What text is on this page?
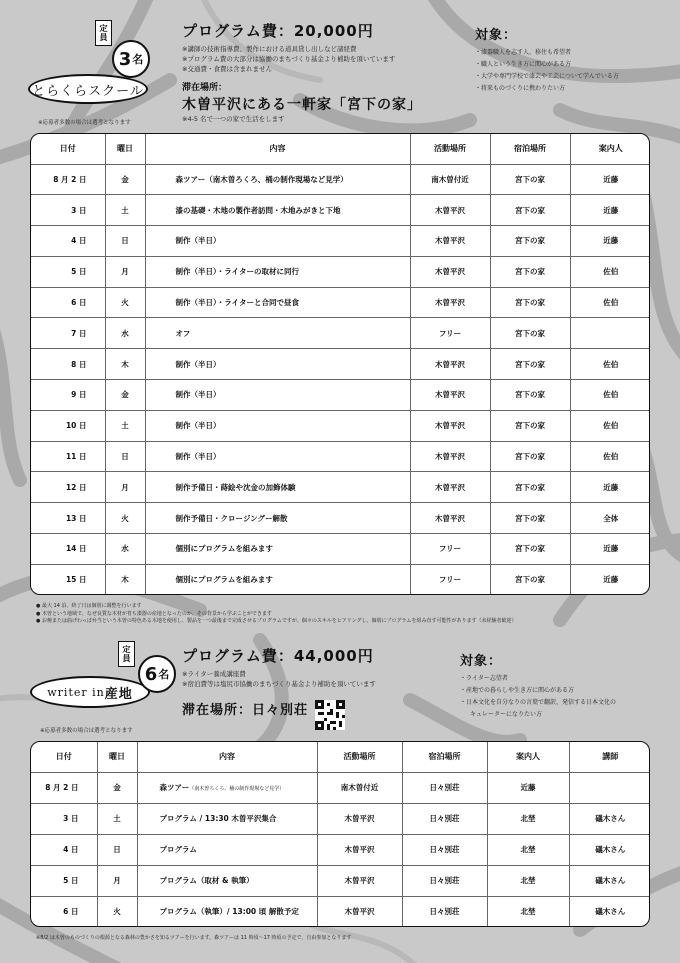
とらくらスクール
3 名
定員
※応募者多数の場合は選考となります
プログラム費：20,000円
※講師の技術指導費、製作における道具貸し出しなど諸経費
※プログラム費の大部分は協働のまちづくり基金より補助を頂いています
※交通費・食費は含まれません
滞在場所：
木曽平沢にある一軒家「宮下の家」
※4-5 名で一つの家で生活をします
対象：
・ 漆器職人を志す人、移住も希望者
・ 職人という生き方に関心がある方
・ 大学や専門学校で漆芸や工芸について学んでいる方
・ 将来ものづくりに携わりたい方
日付	曜日	内容	活動場所	宿泊場所	案内人
8 月 2 日	金	森ツアー（南木曽ろくろ、桶の制作現場など見学）	南木曽付近	宮下の家	近藤
3 日	土	漆の基礎・木地の製作者訪問・木地みがきと下地	木曽平沢	宮下の家	近藤
4 日	日	制作（半日）	木曽平沢	宮下の家	近藤
5 日	月	制作（半日）・ライターの取材に同行	木曽平沢	宮下の家	佐伯
6 日	火	制作（半日）・ライターと合同で昼食	木曽平沢	宮下の家	佐伯
7 日	水	オフ	フリー	宮下の家	
8 日	木	制作（半日）	木曽平沢	宮下の家	佐伯
9 日	金	制作（半日）	木曽平沢	宮下の家	佐伯
10 日	土	制作（半日）	木曽平沢	宮下の家	佐伯
11 日	日	制作（半日）	木曽平沢	宮下の家	佐伯
12 日	月	制作予備日・蒔絵や沈金の加飾体験	木曽平沢	宮下の家	近藤
13 日	火	制作予備日・クロージングー解散	木曽平沢	宮下の家	全体
14 日	水	個別にプログラムを組みます	フリー	宮下の家	近藤
15 日	木	個別にプログラムを組みます	フリー	宮下の家	近藤
● 最大 14 泊、終了日は個別に調整を行います
● 木曽という地域で、なぜ良質な木材が育ち漆器の産地となったのか、その背景から学ぶことができます
● お椀または曲げわっぱ弁当という木曽の特色ある木地を使用し、製品を一つ最後まで完成させるプログラムですが、個々のスキルをヒアリングし、個別にプログラムを組み直す可能性があります（未経験者歓迎）
writer in 産地
6 名
定員
※応募者多数の場合は選考となります
プログラム費：44,000円
※ライター養成講座費
※宿泊費等は塩尻市協働のまちづくり基金より補助を頂いています
滞在場所：日々別荘
対象：
・ ライター志望者
・ 産地での暮らしや生き方に関心がある方
・ 日本文化を自分なりの言葉で翻訳、発信する日本文化の
キュレーターになりたい方
日付	曜日	内容	活動場所	宿泊場所	案内人	講師
8 月 2 日	金	森ツアー（南木曽ろくろ、桶の制作現場など見学）	南木曽付近	日々別荘	近藤	
3 日	土	プログラム / 13:30 木曽平沢集合	木曽平沢	日々別荘	北埜	礒木さん
4 日	日	プログラム	木曽平沢	日々別荘	北埜	礒木さん
5 日	月	プログラム（取材 & 執筆）	木曽平沢	日々別荘	北埜	礒木さん
6 日	火	プログラム（執筆）/ 13:00 頃 解散予定	木曽平沢	日々別荘	北埜	礒木さん
※8/2 は木曽のものづくりの根源となる森林の豊かさを知るツアーを行います。森ツアーは 11 時頃〜17 時頃の予定で、自由参加となります
